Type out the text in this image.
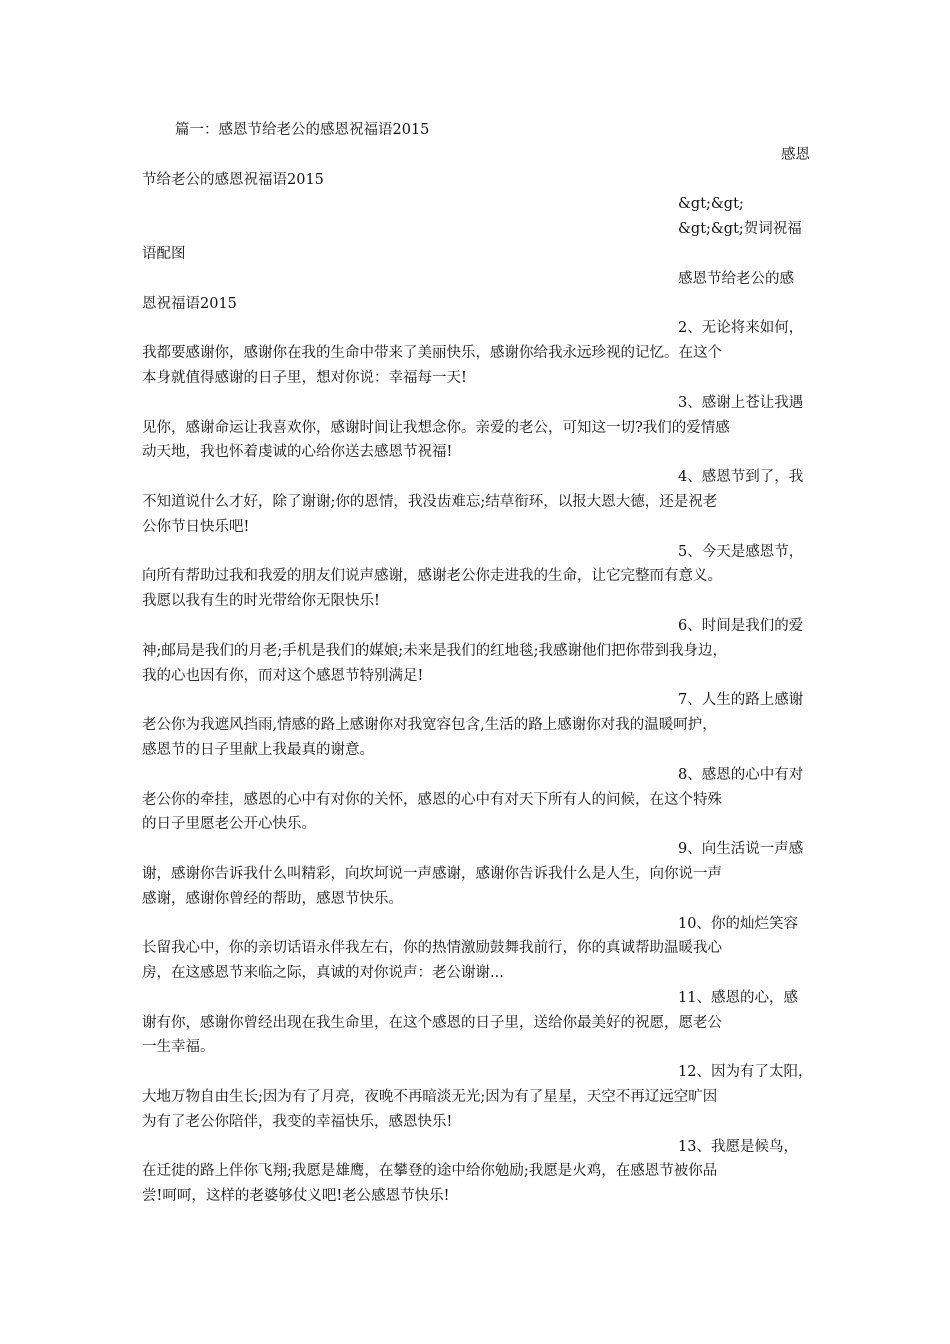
篇一：感恩节给老公的感恩祝福语2015
感恩
节给老公的感恩祝福语2015
&gt;&gt;
&gt;&gt;贺词祝福
语配图
感恩节给老公的感
恩祝福语2015
2、无论将来如何，
我都要感谢你，感谢你在我的生命中带来了美丽快乐，感谢你给我永远珍视的记忆。在这个
本身就值得感谢的日子里，想对你说：幸福每一天!
3、感谢上苍让我遇
见你，感谢命运让我喜欢你，感谢时间让我想念你。亲爱的老公，可知这一切?我们的爱情感
动天地，我也怀着虔诚的心给你送去感恩节祝福!
4、感恩节到了，我
不知道说什么才好，除了谢谢;你的恩情，我没齿难忘;结草衔环，以报大恩大德，还是祝老
公你节日快乐吧!
5、今天是感恩节，
向所有帮助过我和我爱的朋友们说声感谢，感谢老公你走进我的生命，让它完整而有意义。
我愿以我有生的时光带给你无限快乐!
6、时间是我们的爱
神;邮局是我们的月老;手机是我们的媒娘;未来是我们的红地毯;我感谢他们把你带到我身边，
我的心也因有你，而对这个感恩节特别满足!
7、人生的路上感谢
老公你为我遮风挡雨,情感的路上感谢你对我宽容包含,生活的路上感谢你对我的温暖呵护，
感恩节的日子里献上我最真的谢意。
8、感恩的心中有对
老公你的牵挂，感恩的心中有对你的关怀，感恩的心中有对天下所有人的问候，在这个特殊
的日子里愿老公开心快乐。
9、向生活说一声感
谢，感谢你告诉我什么叫精彩，向坎坷说一声感谢，感谢你告诉我什么是人生，向你说一声
感谢，感谢你曾经的帮助，感恩节快乐。
10、你的灿烂笑容
长留我心中，你的亲切话语永伴我左右，你的热情激励鼓舞我前行，你的真诚帮助温暖我心
房，在这感恩节来临之际，真诚的对你说声：老公谢谢...
11、感恩的心，感
谢有你，感谢你曾经出现在我生命里，在这个感恩的日子里，送给你最美好的祝愿，愿老公
一生幸福。
12、因为有了太阳，
大地万物自由生长;因为有了月亮，夜晚不再暗淡无光;因为有了星星，天空不再辽远空旷因
为有了老公你陪伴，我变的幸福快乐，感恩快乐!
13、我愿是候鸟，
在迁徙的路上伴你飞翔;我愿是雄鹰，在攀登的途中给你勉励;我愿是火鸡，在感恩节被你品
尝!呵呵，这样的老婆够仗义吧!老公感恩节快乐!
